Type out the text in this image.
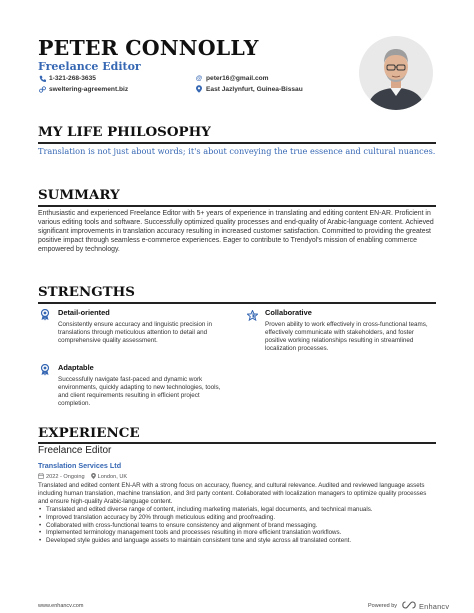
PETER CONNOLLY
Freelance Editor
1-321-268-3635
sweltering-agreement.biz
@ peter16@gmail.com
East Jazlynfurt, Guinea-Bissau
MY LIFE PHILOSOPHY
Translation is not just about words; it's about conveying the true essence and cultural nuances.
SUMMARY
Enthusiastic and experienced Freelance Editor with 5+ years of experience in translating and editing content EN-AR. Proficient in various editing tools and software. Successfully optimized quality processes and end-quality of Arabic-language content. Achieved significant improvements in translation accuracy resulting in increased customer satisfaction. Committed to providing the greatest positive impact through seamless e-commerce experiences. Eager to contribute to Trendyol's mission of enabling commerce empowered by technology.
STRENGTHS
Detail-oriented
Consistently ensure accuracy and linguistic precision in translations through meticulous attention to detail and comprehensive quality assessment.
Collaborative
Proven ability to work effectively in cross-functional teams, effectively communicate with stakeholders, and foster positive working relationships resulting in streamlined localization processes.
Adaptable
Successfully navigate fast-paced and dynamic work environments, quickly adapting to new technologies, tools, and client requirements resulting in efficient project completion.
EXPERIENCE
Freelance Editor
Translation Services Ltd
2022 - Ongoing London, UK
Translated and edited content EN-AR with a strong focus on accuracy, fluency, and cultural relevance. Audited and reviewed language assets including human translation, machine translation, and 3rd party content. Collaborated with localization managers to optimize quality processes and ensure high-quality Arabic-language content.
• Translated and edited diverse range of content, including marketing materials, legal documents, and technical manuals.
• Improved translation accuracy by 20% through meticulous editing and proofreading.
• Collaborated with cross-functional teams to ensure consistency and alignment of brand messaging.
• Implemented terminology management tools and processes resulting in more efficient translation workflows.
• Developed style guides and language assets to maintain consistent tone and style across all translated content.
www.enhancv.com	Powered by	Enhancv
